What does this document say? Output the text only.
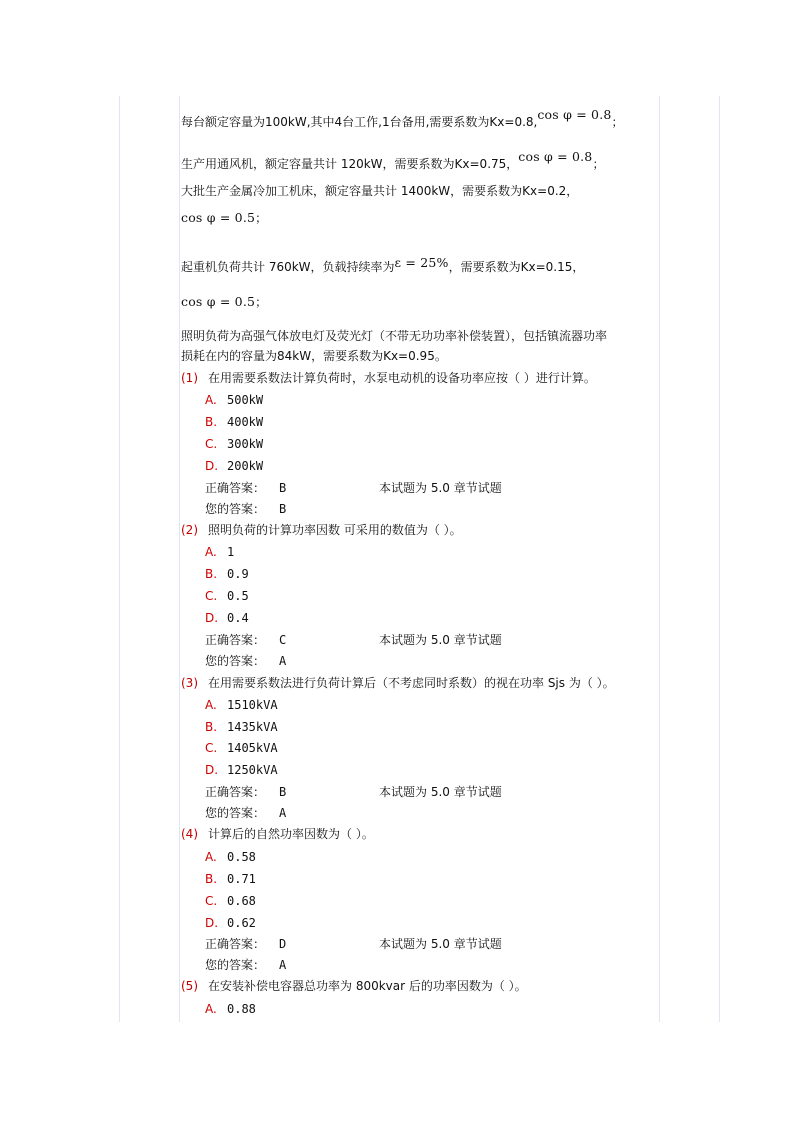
每台额定容量为100kW,其中4台工作,1台备用,需要系数为Kx=0.8,cos φ = 0.8；
生产用通风机，额定容量共计 120kW，需要系数为Kx=0.75，cos φ = 0.8；
大批生产金属冷加工机床，额定容量共计 1400kW，需要系数为Kx=0.2，
cos φ = 0.5；
起重机负荷共计 760kW，负载持续率为ε = 25%，需要系数为Kx=0.15，
cos φ = 0.5；
照明负荷为高强气体放电灯及荧光灯（不带无功功率补偿装置），包括镇流器功率
损耗在内的容量为84kW，需要系数为Kx=0.95。
(1) 在用需要系数法计算负荷时，水泵电动机的设备功率应按（ ）进行计算。
A. 500kW
B. 400kW
C. 300kW
D. 200kW
正确答案： B	本试题为 5.0 章节试题
您的答案： B
(2) 照明负荷的计算功率因数 可采用的数值为（ ）。
A. 1
B. 0.9
C. 0.5
D. 0.4
正确答案： C	本试题为 5.0 章节试题
您的答案： A
(3) 在用需要系数法进行负荷计算后（不考虑同时系数）的视在功率 Sjs 为（ ）。
A. 1510kVA
B. 1435kVA
C. 1405kVA
D. 1250kVA
正确答案： B	本试题为 5.0 章节试题
您的答案： A
(4) 计算后的自然功率因数为（ ）。
A. 0.58
B. 0.71
C. 0.68
D. 0.62
正确答案： D	本试题为 5.0 章节试题
您的答案： A
(5) 在安装补偿电容器总功率为 800kvar 后的功率因数为（ ）。
A. 0.88
